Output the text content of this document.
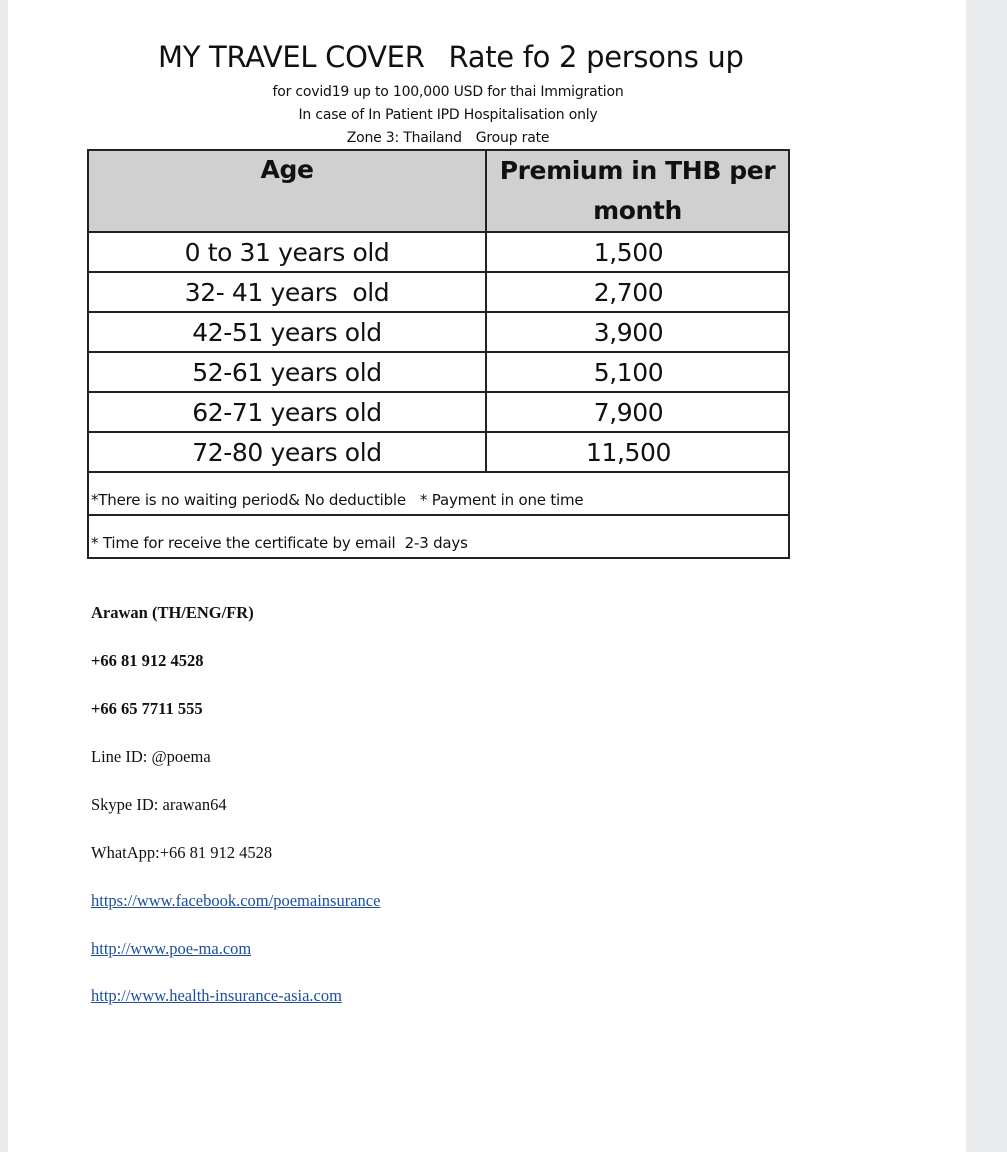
MY TRAVEL COVER Rate fo 2 persons up
for covid19 up to 100,000 USD for thai Immigration
In case of In Patient IPD Hospitalisation only
Zone 3: Thailand Group rate
Age	Premium in THB per
month

0 to 31 years old	1,500
32- 41 years  old	2,700
42-51 years old	3,900
52-61 years old	5,100
62-71 years old	7,900
72-80 years old	11,500
*There is no waiting period& No deductible * Payment in one time	
* Time for receive the certificate by email  2-3 days	
Arawan (TH/ENG/FR)
+66 81 912 4528
+66 65 7711 555
Line ID: @poema
Skype ID: arawan64
WhatApp:+66 81 912 4528
https://www.facebook.com/poemainsurance
http://www.poe-ma.com
http://www.health-insurance-asia.com
